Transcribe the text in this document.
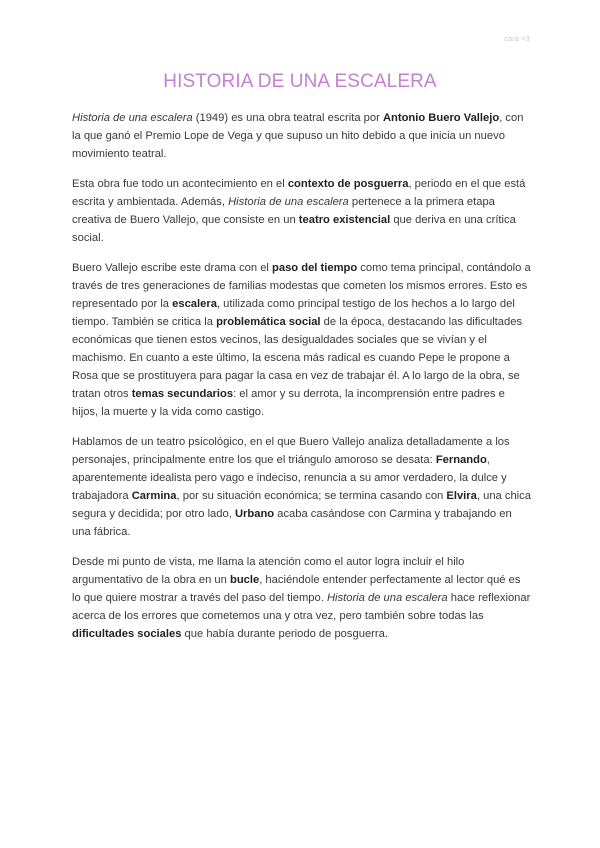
cara <3
HISTORIA DE UNA ESCALERA

Historia de una escalera (1949) es una obra teatral escrita por Antonio Buero Vallejo, con la que ganó el Premio Lope de Vega y que supuso un hito debido a que inicia un nuevo movimiento teatral.

Esta obra fue todo un acontecimiento en el contexto de posguerra, periodo en el que está escrita y ambientada. Además, Historia de una escalera pertenece a la primera etapa creativa de Buero Vallejo, que consiste en un teatro existencial que deriva en una crítica social.

Buero Vallejo escribe este drama con el paso del tiempo como tema principal, contándolo a través de tres generaciones de familias modestas que cometen los mismos errores. Esto es representado por la escalera, utilizada como principal testigo de los hechos a lo largo del tiempo. También se critica la problemática social de la época, destacando las dificultades económicas que tienen estos vecinos, las desigualdades sociales que se vivían y el machismo. En cuanto a este último, la escena más radical es cuando Pepe le propone a Rosa que se prostituyera para pagar la casa en vez de trabajar él. A lo largo de la obra, se tratan otros temas secundarios: el amor y su derrota, la incomprensión entre padres e hijos, la muerte y la vida como castigo.

Hablamos de un teatro psicológico, en el que Buero Vallejo analiza detalladamente a los personajes, principalmente entre los que el triángulo amoroso se desata: Fernando, aparentemente idealista pero vago e indeciso, renuncia a su amor verdadero, la dulce y trabajadora Carmina, por su situación económica; se termina casando con Elvira, una chica segura y decidida; por otro lado, Urbano acaba casándose con Carmina y trabajando en una fábrica.

Desde mi punto de vista, me llama la atención como el autor logra incluir el hilo argumentativo de la obra en un bucle, haciéndole entender perfectamente al lector qué es lo que quiere mostrar a través del paso del tiempo. Historia de una escalera hace reflexionar acerca de los errores que cometemos una y otra vez, pero también sobre todas las dificultades sociales que había durante periodo de posguerra.
